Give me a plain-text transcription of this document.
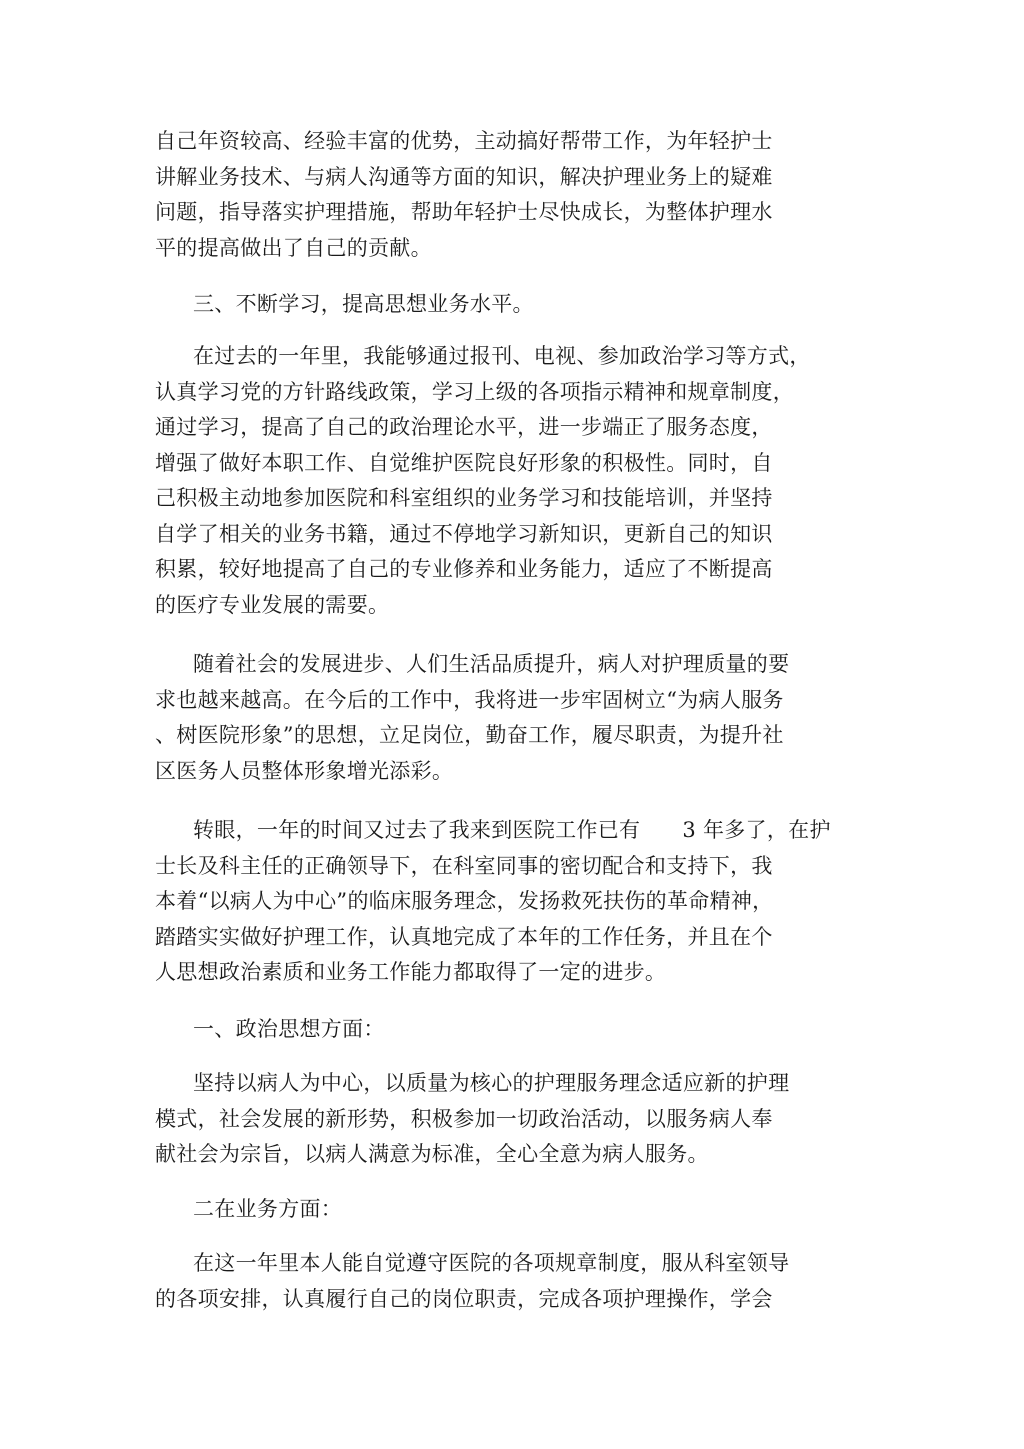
自己年资较高、经验丰富的优势，主动搞好帮带工作，为年轻护士
讲解业务技术、与病人沟通等方面的知识，解决护理业务上的疑难
问题，指导落实护理措施，帮助年轻护士尽快成长，为整体护理水
平的提高做出了自己的贡献。
三、不断学习，提高思想业务水平。
在过去的一年里，我能够通过报刊、电视、参加政治学习等方式，
认真学习党的方针路线政策，学习上级的各项指示精神和规章制度，
通过学习，提高了自己的政治理论水平，进一步端正了服务态度，
增强了做好本职工作、自觉维护医院良好形象的积极性。同时，自
己积极主动地参加医院和科室组织的业务学习和技能培训，并坚持
自学了相关的业务书籍，通过不停地学习新知识，更新自己的知识
积累，较好地提高了自己的专业修养和业务能力，适应了不断提高
的医疗专业发展的需要。
随着社会的发展进步、人们生活品质提升，病人对护理质量的要
求也越来越高。在今后的工作中，我将进一步牢固树立“为病人服务
、树医院形象”的思想，立足岗位，勤奋工作，履尽职责，为提升社
区医务人员整体形象增光添彩。
转眼，一年的时间又过去了我来到医院工作已有 3 年多了，在护
士长及科主任的正确领导下，在科室同事的密切配合和支持下，我
本着“以病人为中心”的临床服务理念，发扬救死扶伤的革命精神，
踏踏实实做好护理工作，认真地完成了本年的工作任务，并且在个
人思想政治素质和业务工作能力都取得了一定的进步。
一、政治思想方面：
坚持以病人为中心，以质量为核心的护理服务理念适应新的护理
模式，社会发展的新形势，积极参加一切政治活动，以服务病人奉
献社会为宗旨，以病人满意为标准，全心全意为病人服务。
二在业务方面：
在这一年里本人能自觉遵守医院的各项规章制度，服从科室领导
的各项安排，认真履行自己的岗位职责，完成各项护理操作，学会
